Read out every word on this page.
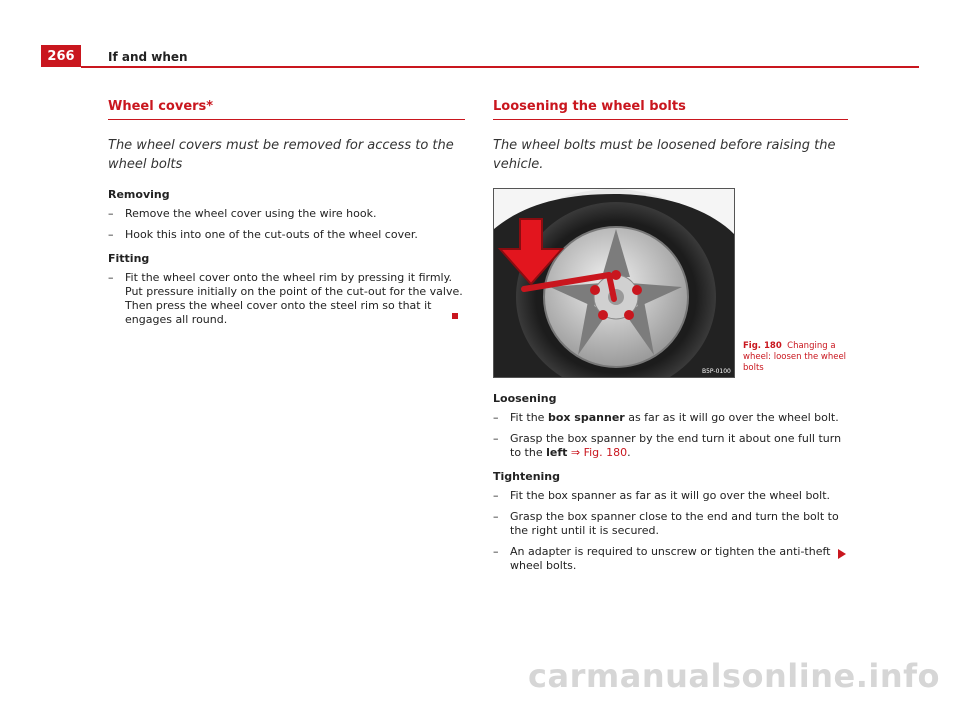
266	If and when
Wheel covers*

The wheel covers must be removed for access to the wheel bolts

Removing
– Remove the wheel cover using the wire hook.
– Hook this into one of the cut-outs of the wheel cover.
Fitting
– Fit the wheel cover onto the wheel rim by pressing it firmly. Put pressure initially on the point of the cut-out for the valve. Then press the wheel cover onto the steel rim so that it engages all round.
Loosening the wheel bolts

The wheel bolts must be loosened before raising the vehicle.

B5P-0100
Fig. 180 Changing a wheel: loosen the wheel bolts
Loosening
– Fit the box spanner as far as it will go over the wheel bolt.
– Grasp the box spanner by the end turn it about one full turn to the left ⇒ Fig. 180.
Tightening
– Fit the box spanner as far as it will go over the wheel bolt.
– Grasp the box spanner close to the end and turn the bolt to the right until it is secured.
– An adapter is required to unscrew or tighten the anti-theft wheel bolts.
carmanualsonline.info
